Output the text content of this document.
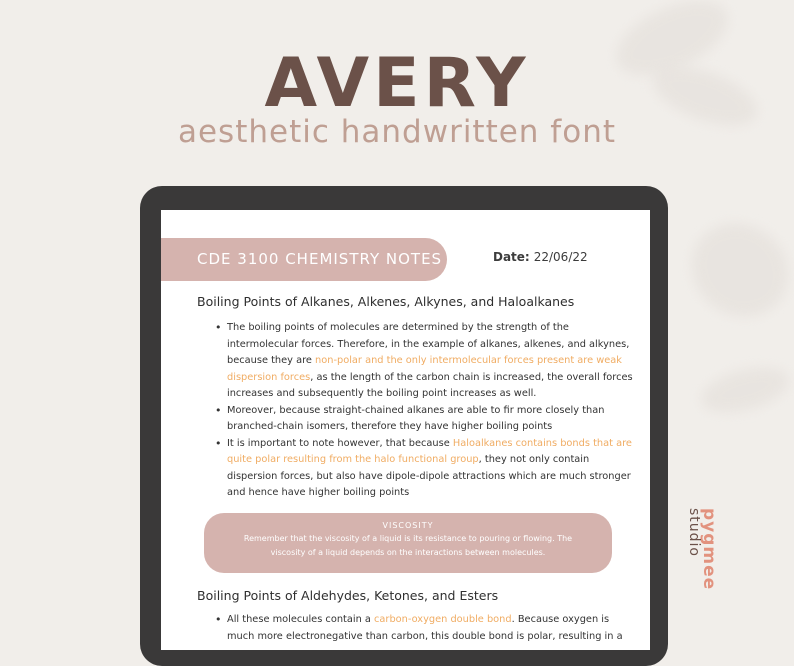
AVERY
aesthetic handwritten font
CDE 3100 CHEMISTRY NOTES	Date: 22/06/22
Boiling Points of Alkanes, Alkenes, Alkynes, and Haloalkanes
• The boiling points of molecules are determined by the strength of the intermolecular forces. Therefore, in the example of alkanes, alkenes, and alkynes, because they are non-polar and the only intermolecular forces present are weak dispersion forces, as the length of the carbon chain is increased, the overall forces increases and subsequently the boiling point increases as well.
• Moreover, because straight-chained alkanes are able to fir more closely than branched-chain isomers, therefore they have higher boiling points
• It is important to note however, that because Haloalkanes contains bonds that are quite polar resulting from the halo functional group, they not only contain dispersion forces, but also have dipole-dipole attractions which are much stronger and hence have higher boiling points
VISCOSITY
Remember that the viscosity of a liquid is its resistance to pouring or flowing. The viscosity of a liquid depends on the interactions between molecules.
Boiling Points of Aldehydes, Ketones, and Esters
• All these molecules contain a carbon-oxygen double bond. Because oxygen is much more electronegative than carbon, this double bond is polar, resulting in a
pygmee
studio
